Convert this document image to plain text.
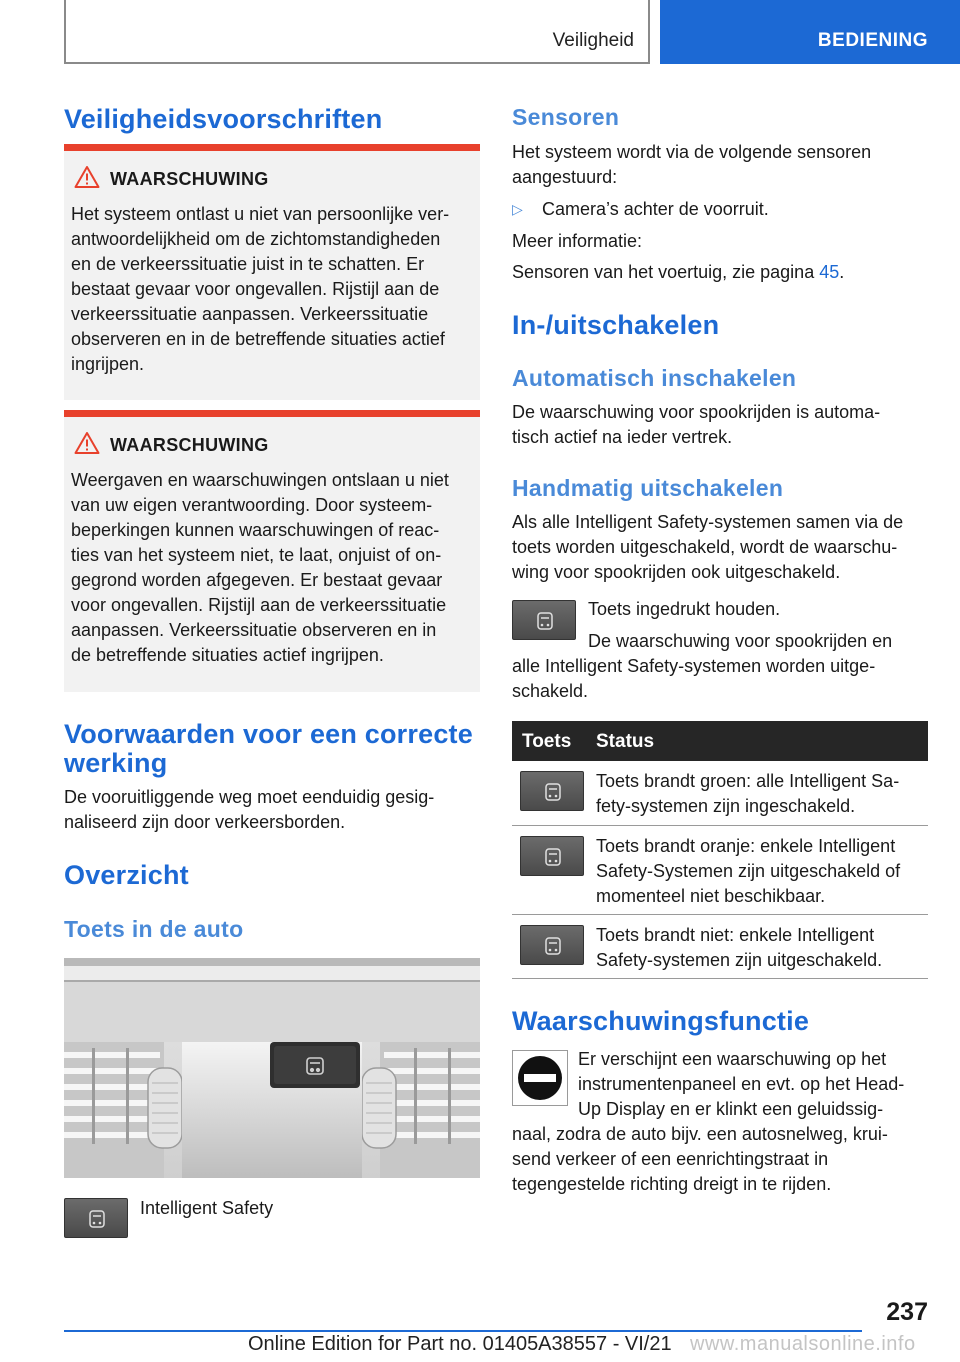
Veiligheid	BEDIENING
Veiligheidsvoorschriften
WAARSCHUWING
Het systeem ontlast u niet van persoonlijke ver-
antwoordelijkheid om de zichtomstandigheden
en de verkeerssituatie juist in te schatten. Er
bestaat gevaar voor ongevallen. Rijstijl aan de
verkeerssituatie aanpassen. Verkeerssituatie
observeren en in de betreffende situaties actief
ingrijpen.
WAARSCHUWING
Weergaven en waarschuwingen ontslaan u niet
van uw eigen verantwoording. Door systeem-
beperkingen kunnen waarschuwingen of reac-
ties van het systeem niet, te laat, onjuist of on-
gegrond worden afgegeven. Er bestaat gevaar
voor ongevallen. Rijstijl aan de verkeerssituatie
aanpassen. Verkeerssituatie observeren en in
de betreffende situaties actief ingrijpen.
Voorwaarden voor een correcte
werking
De vooruitliggende weg moet eenduidig gesig-
naliseerd zijn door verkeersborden.
Overzicht
Toets in de auto
Intelligent Safety
Sensoren
Het systeem wordt via de volgende sensoren
aangestuurd:
▷ Camera’s achter de voorruit.
Meer informatie:
Sensoren van het voertuig, zie pagina 45.
In-/uitschakelen
Automatisch inschakelen
De waarschuwing voor spookrijden is automa-
tisch actief na ieder vertrek.
Handmatig uitschakelen
Als alle Intelligent Safety-systemen samen via de
toets worden uitgeschakeld, wordt de waarschu-
wing voor spookrijden ook uitgeschakeld.
Toets ingedrukt houden.
De waarschuwing voor spookrijden en
alle Intelligent Safety-systemen worden uitge-
schakeld.
Toets Status
Toets brandt groen: alle Intelligent Sa-
fety-systemen zijn ingeschakeld.
Toets brandt oranje: enkele Intelligent
Safety-Systemen zijn uitgeschakeld of
momenteel niet beschikbaar.
Toets brandt niet: enkele Intelligent
Safety-systemen zijn uitgeschakeld.
Waarschuwingsfunctie
Er verschijnt een waarschuwing op het
instrumentenpaneel en evt. op het Head-
Up Display en er klinkt een geluidssig-
naal, zodra de auto bijv. een autosnelweg, krui-
send verkeer of een eenrichtingstraat in
tegengestelde richting dreigt in te rijden.
237
Online Edition for Part no. 01405A38557 - VI/21 www.manualsonline.info
